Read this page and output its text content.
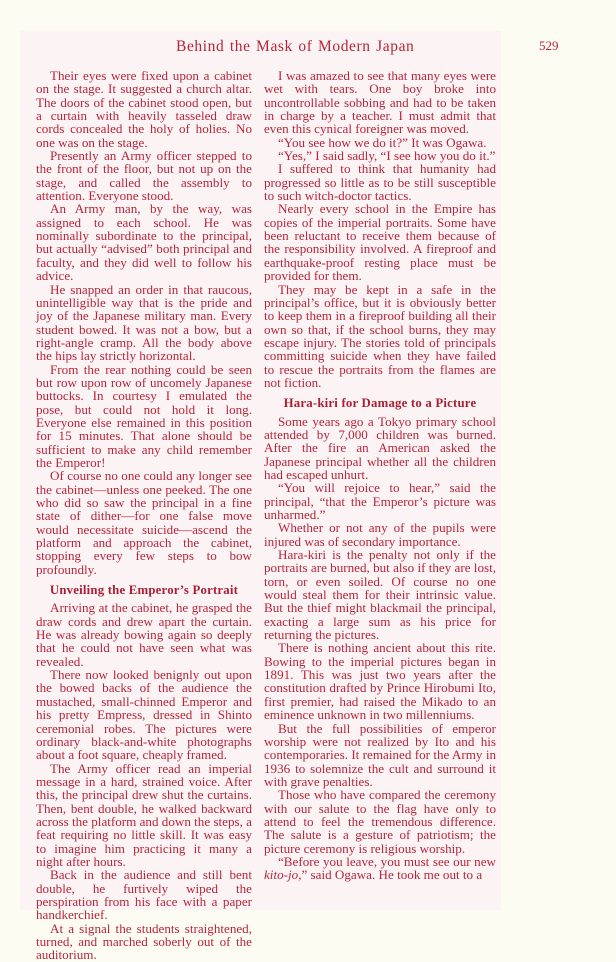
Behind the Mask of Modern Japan	529

Their eyes were fixed upon a cabinet on the stage. It suggested a church altar. The doors of the cabinet stood open, but a curtain with heavily tasseled draw cords concealed the holy of holies. No one was on the stage.

Presently an Army officer stepped to the front of the floor, but not up on the stage, and called the assembly to attention. Everyone stood.

An Army man, by the way, was assigned to each school. He was nominally subordinate to the principal, but actually “advised” both principal and faculty, and they did well to follow his advice.

He snapped an order in that raucous, unintelligible way that is the pride and joy of the Japanese military man. Every student bowed. It was not a bow, but a right-angle cramp. All the body above the hips lay strictly horizontal.

From the rear nothing could be seen but row upon row of uncomely Japanese buttocks. In courtesy I emulated the pose, but could not hold it long. Everyone else remained in this position for 15 minutes. That alone should be sufficient to make any child remember the Emperor!

Of course no one could any longer see the cabinet—unless one peeked. The one who did so saw the principal in a fine state of dither—for one false move would necessitate suicide—ascend the platform and approach the cabinet, stopping every few steps to bow profoundly.

Unveiling the Emperor’s Portrait

Arriving at the cabinet, he grasped the draw cords and drew apart the curtain. He was already bowing again so deeply that he could not have seen what was revealed.

There now looked benignly out upon the bowed backs of the audience the mustached, small-chinned Emperor and his pretty Empress, dressed in Shinto ceremonial robes. The pictures were ordinary black-and-white photographs about a foot square, cheaply framed.

The Army officer read an imperial message in a hard, strained voice. After this, the principal drew shut the curtains. Then, bent double, he walked backward across the platform and down the steps, a feat requiring no little skill. It was easy to imagine him practicing it many a night after hours.

Back in the audience and still bent double, he furtively wiped the perspiration from his face with a paper handkerchief.

At a signal the students straightened, turned, and marched soberly out of the auditorium.

I was amazed to see that many eyes were wet with tears. One boy broke into uncontrollable sobbing and had to be taken in charge by a teacher. I must admit that even this cynical foreigner was moved.

“You see how we do it?” It was Ogawa.

“Yes,” I said sadly, “I see how you do it.”

I suffered to think that humanity had progressed so little as to be still susceptible to such witch-doctor tactics.

Nearly every school in the Empire has copies of the imperial portraits. Some have been reluctant to receive them because of the responsibility involved. A fireproof and earthquake-proof resting place must be provided for them.

They may be kept in a safe in the principal’s office, but it is obviously better to keep them in a fireproof building all their own so that, if the school burns, they may escape injury. The stories told of principals committing suicide when they have failed to rescue the portraits from the flames are not fiction.

Hara-kiri for Damage to a Picture

Some years ago a Tokyo primary school attended by 7,000 children was burned. After the fire an American asked the Japanese principal whether all the children had escaped unhurt.

“You will rejoice to hear,” said the principal, “that the Emperor’s picture was unharmed.”

Whether or not any of the pupils were injured was of secondary importance.

Hara-kiri is the penalty not only if the portraits are burned, but also if they are lost, torn, or even soiled. Of course no one would steal them for their intrinsic value. But the thief might blackmail the principal, exacting a large sum as his price for returning the pictures.

There is nothing ancient about this rite. Bowing to the imperial pictures began in 1891. This was just two years after the constitution drafted by Prince Hirobumi Ito, first premier, had raised the Mikado to an eminence unknown in two millenniums.

But the full possibilities of emperor worship were not realized by Ito and his contemporaries. It remained for the Army in 1936 to solemnize the cult and surround it with grave penalties.

Those who have compared the ceremony with our salute to the flag have only to attend to feel the tremendous difference. The salute is a gesture of patriotism; the picture ceremony is religious worship.

“Before you leave, you must see our new kito-jo,” said Ogawa. He took me out to a
